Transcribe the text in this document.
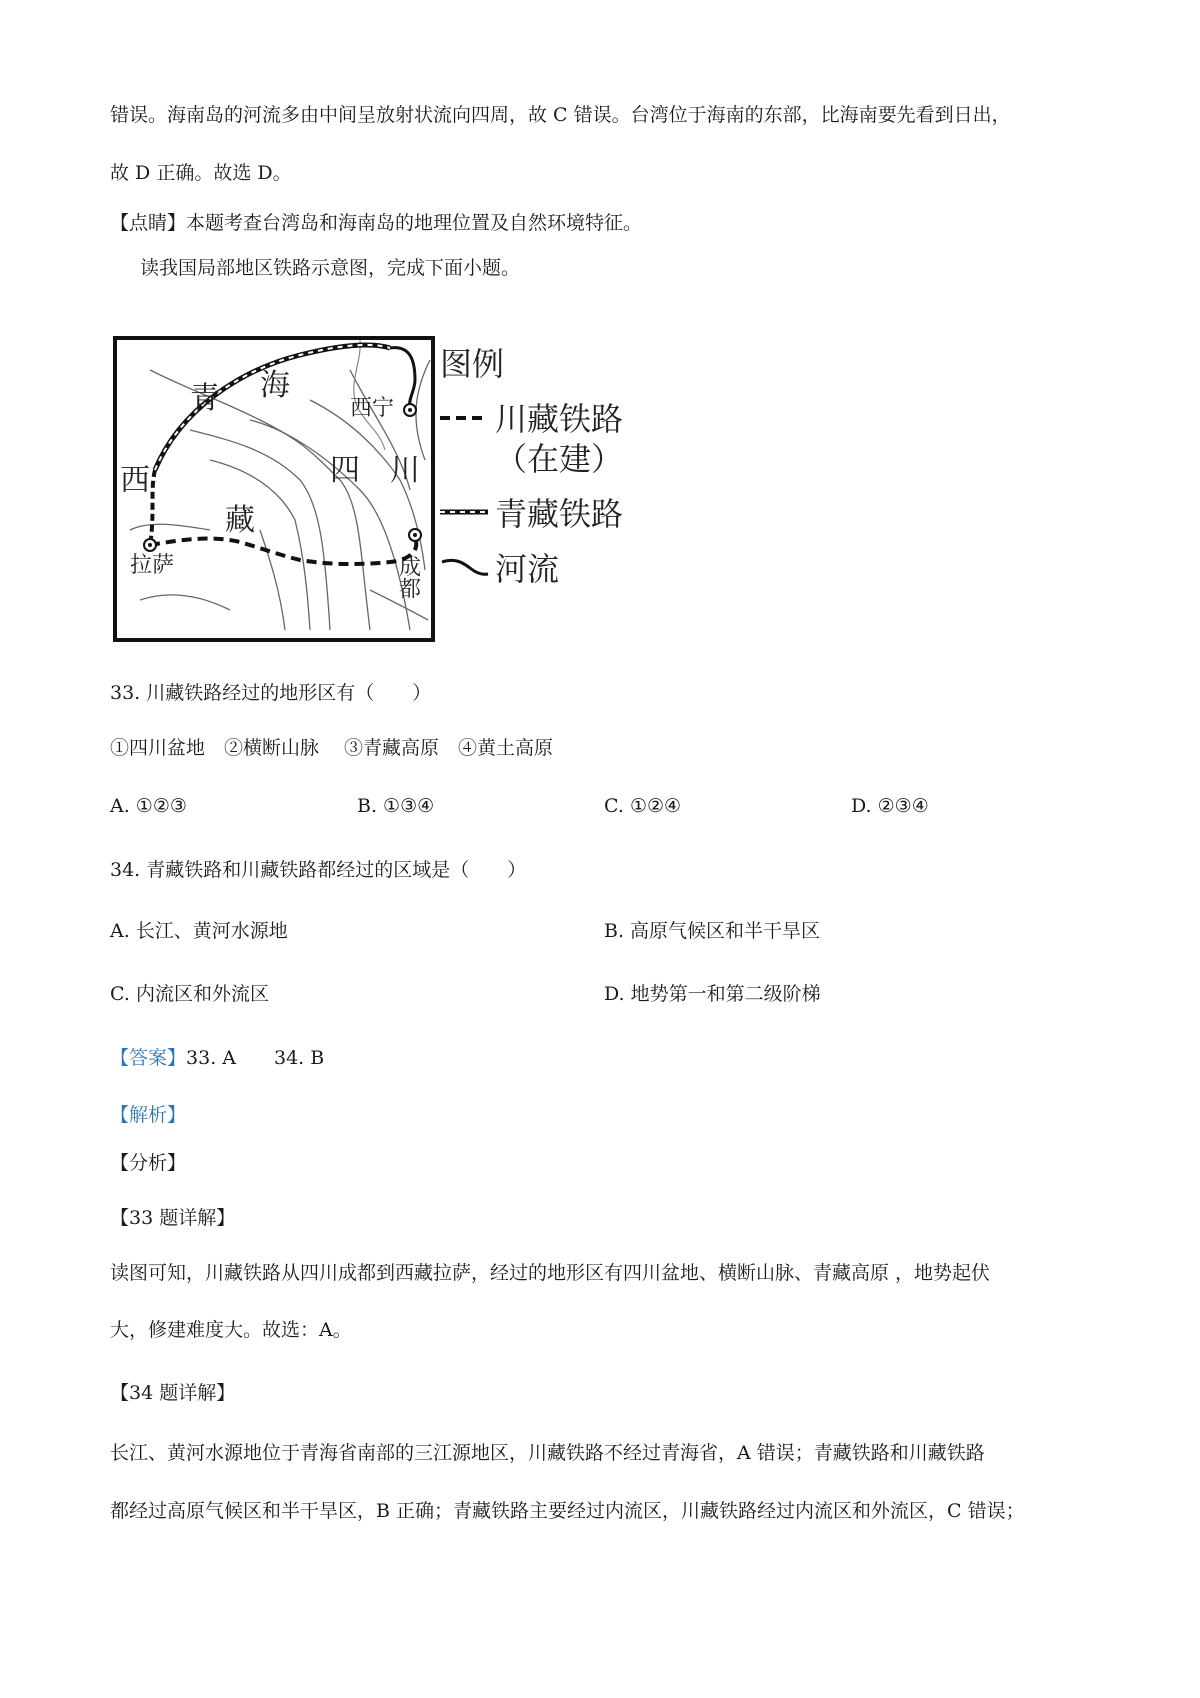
错误。海南岛的河流多由中间呈放射状流向四周，故 C 错误。台湾位于海南的东部，比海南要先看到日出，
故 D 正确。故选 D。
【点睛】本题考查台湾岛和海南岛的地理位置及自然环境特征。
读我国局部地区铁路示意图，完成下面小题。
青 海
西
藏
四 川
西宁
拉萨	成都
图例
川藏铁路
（在建）
青藏铁路
河流
33. 川藏铁路经过的地形区有（　　）
①四川盆地　②横断山脉　 ③青藏高原　④黄土高原
A. ①②③	B. ①③④	C. ①②④	D. ②③④
34. 青藏铁路和川藏铁路都经过的区域是（　　）
A. 长江、黄河水源地	B. 高原气候区和半干旱区
C. 内流区和外流区	D. 地势第一和第二级阶梯
【答案】33. A　　34. B
【解析】
【分析】
【33 题详解】
读图可知，川藏铁路从四川成都到西藏拉萨，经过的地形区有四川盆地、横断山脉、青藏高原 ，地势起伏
大，修建难度大。故选：A。
【34 题详解】
长江、黄河水源地位于青海省南部的三江源地区，川藏铁路不经过青海省，A 错误；青藏铁路和川藏铁路
都经过高原气候区和半干旱区，B 正确；青藏铁路主要经过内流区，川藏铁路经过内流区和外流区，C 错误；
